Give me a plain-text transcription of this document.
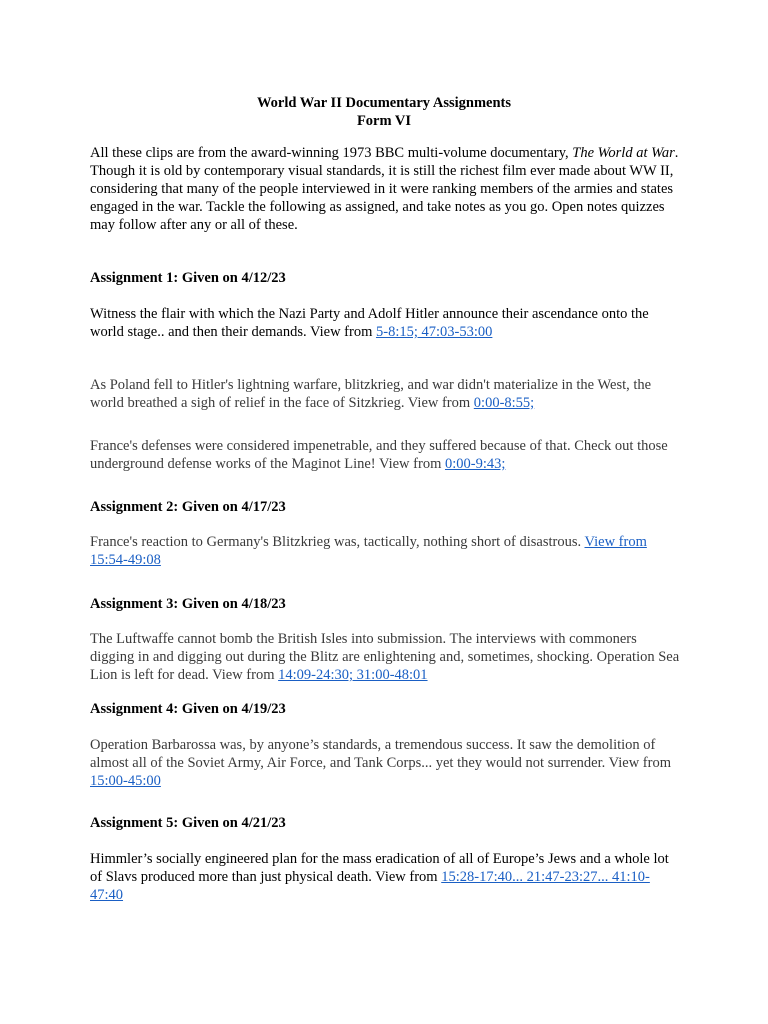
World War II Documentary Assignments
Form VI
All these clips are from the award-winning 1973 BBC multi-volume documentary, The World at War. Though it is old by contemporary visual standards, it is still the richest film ever made about WW II, considering that many of the people interviewed in it were ranking members of the armies and states engaged in the war. Tackle the following as assigned, and take notes as you go. Open notes quizzes may follow after any or all of these.
Assignment 1: Given on 4/12/23
Witness the flair with which the Nazi Party and Adolf Hitler announce their ascendance onto the world stage.. and then their demands. View from 5-8:15; 47:03-53:00
As Poland fell to Hitler's lightning warfare, blitzkrieg, and war didn't materialize in the West, the world breathed a sigh of relief in the face of Sitzkrieg. View from 0:00-8:55;
France's defenses were considered impenetrable, and they suffered because of that. Check out those underground defense works of the Maginot Line! View from 0:00-9:43;
Assignment 2: Given on 4/17/23
France's reaction to Germany's Blitzkrieg was, tactically, nothing short of disastrous. View from 15:54-49:08
Assignment 3: Given on 4/18/23
The Luftwaffe cannot bomb the British Isles into submission. The interviews with commoners digging in and digging out during the Blitz are enlightening and, sometimes, shocking. Operation Sea Lion is left for dead. View from 14:09-24:30; 31:00-48:01
Assignment 4: Given on 4/19/23
Operation Barbarossa was, by anyone’s standards, a tremendous success. It saw the demolition of almost all of the Soviet Army, Air Force, and Tank Corps... yet they would not surrender. View from 15:00-45:00
Assignment 5: Given on 4/21/23
Himmler’s socially engineered plan for the mass eradication of all of Europe’s Jews and a whole lot of Slavs produced more than just physical death. View from 15:28-17:40... 21:47-23:27... 41:10-47:40
